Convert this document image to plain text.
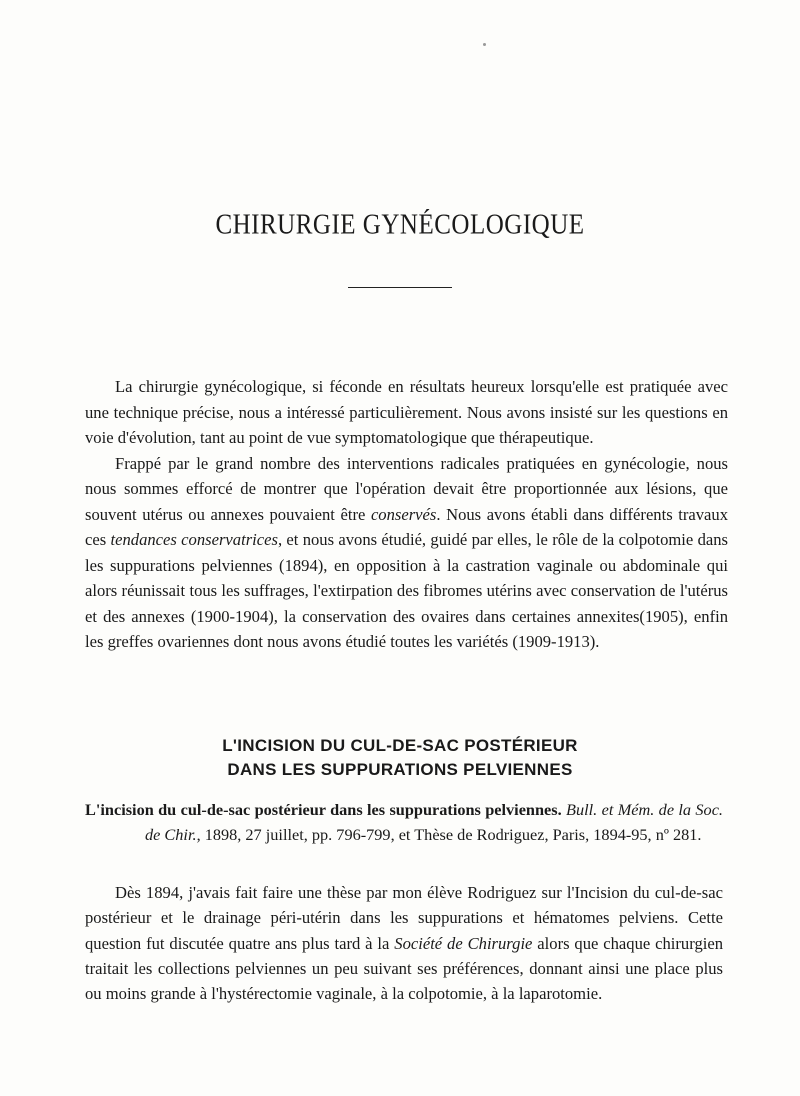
CHIRURGIE GYNÉCOLOGIQUE

La chirurgie gynécologique, si féconde en résultats heureux lorsqu'elle est pratiquée avec une technique précise, nous a intéressé particulièrement. Nous avons insisté sur les questions en voie d'évolution, tant au point de vue symptomatologique que thérapeutique.

Frappé par le grand nombre des interventions radicales pratiquées en gynécologie, nous nous sommes efforcé de montrer que l'opération devait être proportionnée aux lésions, que souvent utérus ou annexes pouvaient être conservés. Nous avons établi dans différents travaux ces tendances conservatrices, et nous avons étudié, guidé par elles, le rôle de la colpotomie dans les suppurations pelviennes (1894), en opposition à la castration vaginale ou abdominale qui alors réunissait tous les suffrages, l'extirpation des fibromes utérins avec conservation de l'utérus et des annexes (1900-1904), la conservation des ovaires dans certaines annexites(1905), enfin les greffes ovariennes dont nous avons étudié toutes les variétés (1909-1913).

L'INCISION DU CUL-DE-SAC POSTÉRIEUR
DANS LES SUPPURATIONS PELVIENNES
L'incision du cul-de-sac postérieur dans les suppurations pelviennes. Bull. et Mém. de la Soc. de Chir., 1898, 27 juillet, pp. 796-799, et Thèse de Rodriguez, Paris, 1894-95, nº 281.

Dès 1894, j'avais fait faire une thèse par mon élève Rodriguez sur l'Incision du cul-de-sac postérieur et le drainage péri-utérin dans les suppurations et hématomes pelviens. Cette question fut discutée quatre ans plus tard à la Société de Chirurgie alors que chaque chirurgien traitait les collections pelviennes un peu suivant ses préférences, donnant ainsi une place plus ou moins grande à l'hystérectomie vaginale, à la colpotomie, à la laparotomie.
